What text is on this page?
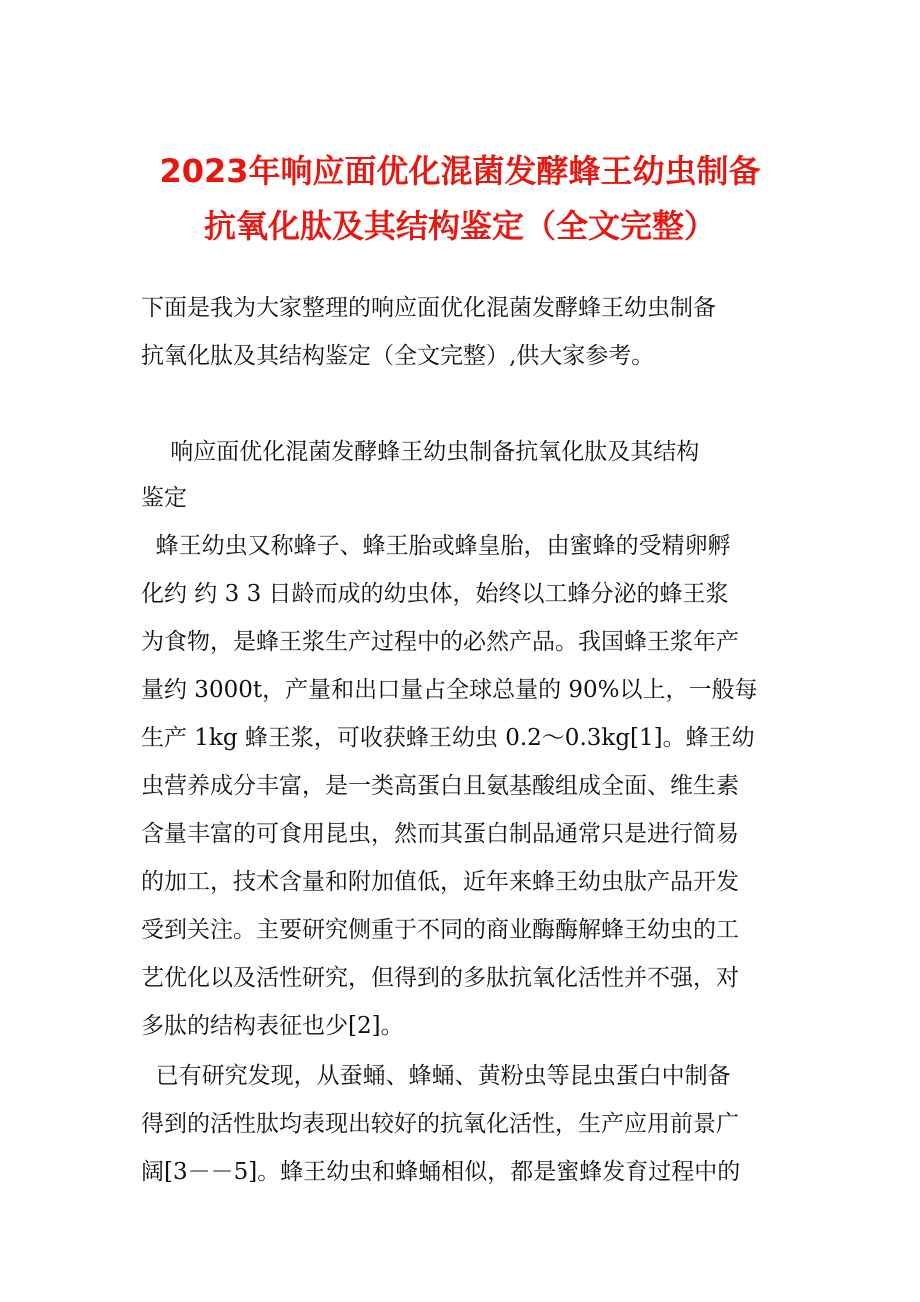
2023年响应面优化混菌发酵蜂王幼虫制备
抗氧化肽及其结构鉴定（全文完整）
下面是我为大家整理的响应面优化混菌发酵蜂王幼虫制备
抗氧化肽及其结构鉴定（全文完整）,供大家参考。
响应面优化混菌发酵蜂王幼虫制备抗氧化肽及其结构
鉴定
蜂王幼虫又称蜂子、蜂王胎或蜂皇胎，由蜜蜂的受精卵孵
化约 约 3 3 日龄而成的幼虫体，始终以工蜂分泌的蜂王浆
为食物，是蜂王浆生产过程中的必然产品。我国蜂王浆年产
量约 3000t，产量和出口量占全球总量的 90%以上，一般每
生产 1kg 蜂王浆，可收获蜂王幼虫 0.2～0.3kg[1]。蜂王幼
虫营养成分丰富，是一类高蛋白且氨基酸组成全面、维生素
含量丰富的可食用昆虫，然而其蛋白制品通常只是进行简易
的加工，技术含量和附加值低，近年来蜂王幼虫肽产品开发
受到关注。主要研究侧重于不同的商业酶酶解蜂王幼虫的工
艺优化以及活性研究，但得到的多肽抗氧化活性并不强，对
多肽的结构表征也少[2]。
已有研究发现，从蚕蛹、蜂蛹、黄粉虫等昆虫蛋白中制备
得到的活性肽均表现出较好的抗氧化活性，生产应用前景广
阔[3－－5]。蜂王幼虫和蜂蛹相似，都是蜜蜂发育过程中的
